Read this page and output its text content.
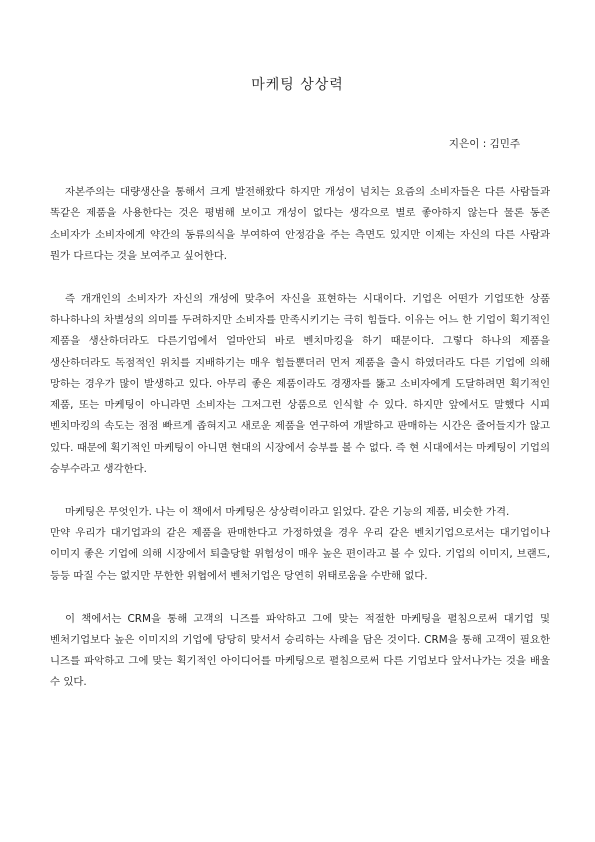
마케팅 상상력
지은이 : 김민주

자본주의는 대량생산을 통해서 크게 발전해왔다 하지만 개성이 넘치는 요즘의 소비자들은 다른 사람들과 똑같은 제품을 사용한다는 것은 평범해 보이고 개성이 없다는 생각으로 별로 좋아하지 않는다 물론 동존 소비자가 소비자에게 약간의 동류의식을 부여하여 안정감을 주는 측면도 있지만 이제는 자신의 다른 사람과 뭔가 다르다는 것을 보여주고 싶어한다.

즉 개개인의 소비자가 자신의 개성에 맞추어 자신을 표현하는 시대이다. 기업은 어떤가 기업또한 상품 하나하나의 차별성의 의미를 두려하지만 소비자를 만족시키기는 극히 힘들다. 이유는 어느 한 기업이 획기적인 제품을 생산하더라도 다른기업에서 얼마안되 바로 벤치마킹을 하기 때문이다. 그렇다 하나의 제품을 생산하더라도 독점적인 위치를 지배하기는 매우 힘들뿐더러 먼저 제품을 출시 하였더라도 다른 기업에 의해 망하는 경우가 많이 발생하고 있다. 아무리 좋은 제품이라도 경쟁자를 뚫고 소비자에게 도달하려면 획기적인 제품, 또는 마케팅이 아니라면 소비자는 그저그런 상품으로 인식할 수 있다. 하지만 앞에서도 말했다 시피 벤치마킹의 속도는 점점 빠르게 좁혀지고 새로운 제품을 연구하여 개발하고 판매하는 시간은 줄어들지가 않고 있다. 때문에 획기적인 마케팅이 아니면 현대의 시장에서 승부를 볼 수 없다. 즉 현 시대에서는 마케팅이 기업의 승부수라고 생각한다.

마케팅은 무엇인가. 나는 이 책에서 마케팅은 상상력이라고 읽었다. 같은 기능의 제품, 비슷한 가격.
만약 우리가 대기업과의 같은 제품을 판매한다고 가정하였을 경우 우리 같은 벤치기업으로서는 대기업이나 이미지 좋은 기업에 의해 시장에서 퇴출당할 위험성이 매우 높은 편이라고 볼 수 있다. 기업의 이미지, 브랜드, 등등 따질 수는 없지만 무한한 위협에서 벤처기업은 당연히 위태로움을 수반해 없다.

이 책에서는 CRM을 통해 고객의 니즈를 파악하고 그에 맞는 적절한 마케팅을 펼침으로써 대기업 및 벤처기업보다 높은 이미지의 기업에 당당히 맞서서 승리하는 사례을 담은 것이다. CRM을 통해 고객이 필요한 니즈를 파악하고 그에 맞는 획기적인 아이디어를 마케팅으로 펼침으로써 다른 기업보다 앞서나가는 것을 배울 수 있다.
